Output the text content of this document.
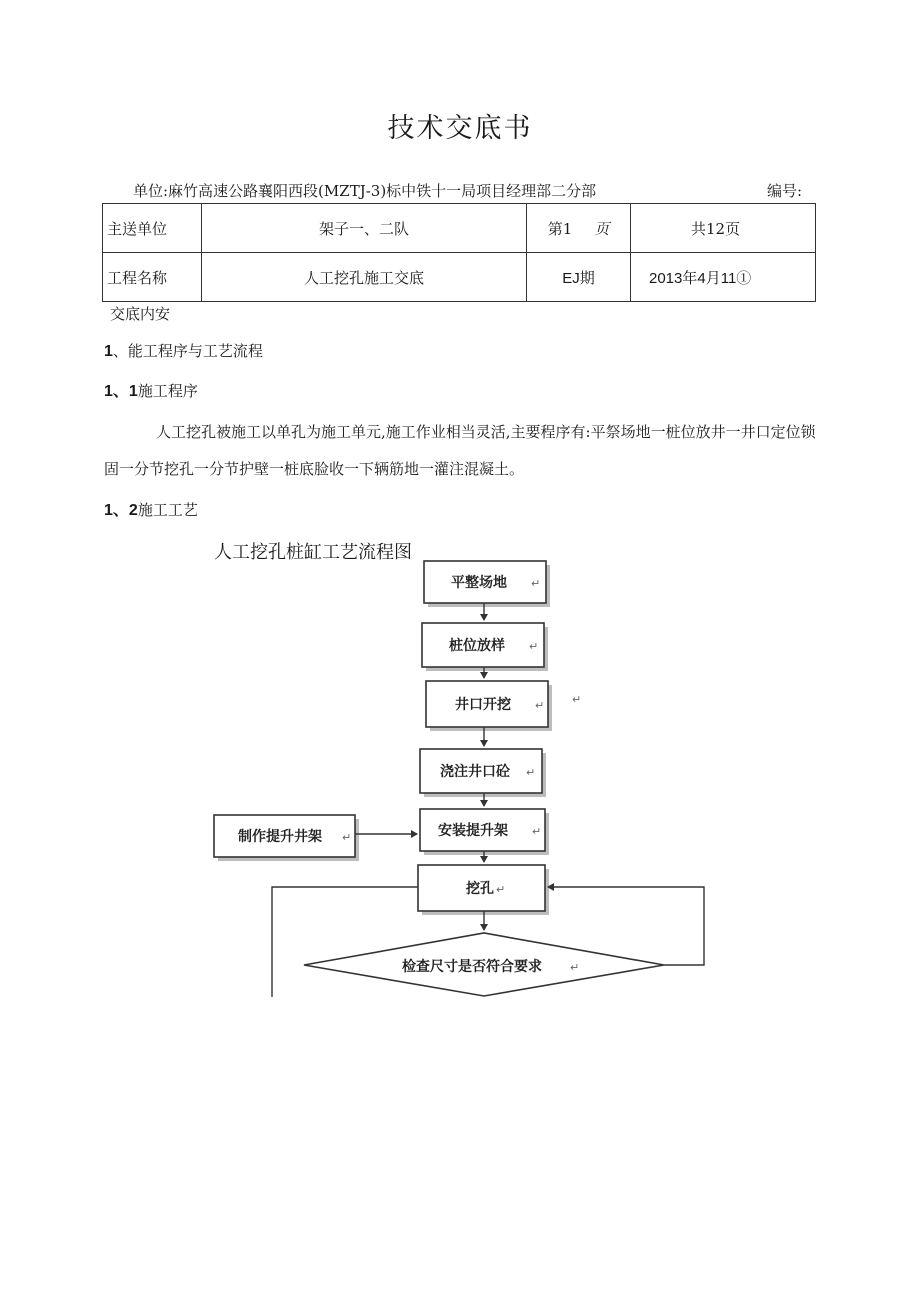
技术交底书
单位:麻竹高速公路襄阳西段(MZTJ-3)标中铁十一局项目经理部二分部	编号:
主送单位	架子一、二队	第1 页	共12页
工程名称	人工挖孔施工交底	EJ期	2013年4月11①
交底内安
1、能工程序与工艺流程
1、1施工程序
人工挖孔被施工以单孔为施工单元,施工作业相当灵活,主要程序有:平祭场地一桩位放井一井口定位锁固一分节挖孔一分节护壁一桩底脸收一下辆筋地一灌注混凝土。
1、2施工工艺
人工挖孔桩缸工艺流程图
平整场地
桩位放样
井口开挖
浇注井口砼
安装提升架
制作提升井架
挖孔
检查尺寸是否符合要求
↵
↵
↵	↵
↵
↵
↵
↵
↵
